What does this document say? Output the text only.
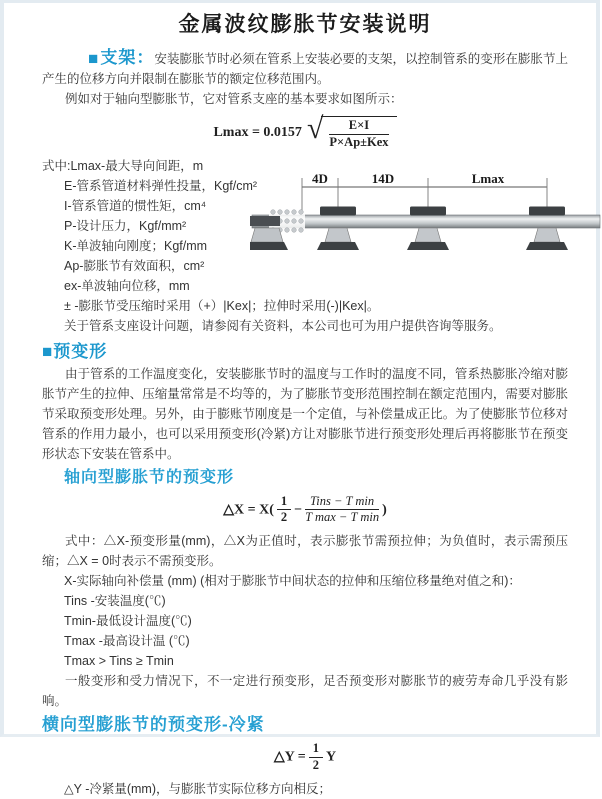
金属波纹膨胀节安装说明

■支架：安装膨胀节时必须在管系上安装必要的支架，以控制管系的变形在膨胀节上产生的位移方向并限制在膨胀节的额定位移范围内。

例如对于轴向型膨胀节，它对管系支座的基本要求如图所示：

Lmax = 0.0157 √ $\frac{E\times I}{\text{P×Ap±Kex}}$

式中:Lmax-最大导向间距，m

E-管系管道材料弹性投量，Kgf/cm²

I-管系管道的惯性矩，cm⁴

P-设计压力，Kgf/mm²

K-单波轴向刚度；Kgf/mm

Ap-膨胀节有效面积，cm²

ex-单波轴向位移，mm

± -膨胀节受压缩时采用（+）|Kex|；拉伸时采用(-)|Kex|。

关于管系支座设计问题，请参阅有关资料，本公司也可为用户提供咨询等服务。

4D	14D	Lmax
■预变形

由于管系的工作温度变化，安装膨胀节时的温度与工作时的温度不同，管系热膨胀冷缩对膨胀节产生的拉伸、压缩量常常是不均等的，为了膨胀节变形范围控制在额定范围内，需要对膨胀节采取预变形处理。另外，由于膨账节刚度是一个定值，与补偿量成正比。为了使膨胀节位移对管系的作用力最小，也可以采用预变形(冷紧)方让对膨胀节进行预变形处理后再将膨胀节在预变形状态下安装在管系中。

轴向型膨胀节的预变形
△X = $X( \frac{1}{2} - \frac{\text{Tins − T min}}{\text{T max − T min}}$ )

式中：△X-预变形量(mm)，△X为正值时，表示膨张节需预拉伸；为负值时，表示需预压缩；△X = 0时表示不需预变形。

X-实际轴向补偿量 (mm) (相对于膨胀节中间状态的拉伸和压缩位移量绝对值之和)：

Tins -安装温度(℃)

Tmin-最低设计温度(℃)

Tmax -最高设计温 (℃)

Tmax > Tins ≥ Tmin

一般变形和受力情况下，不一定进行预变形，足否预变形对膨胀节的疲劳寿命几乎没有影响。

横向型膨胀节的预变形-冷紧
△Y = $\frac{1}{2}$ Y

△Y -冷紧量(mm)，与膨胀节实际位移方向相反；
